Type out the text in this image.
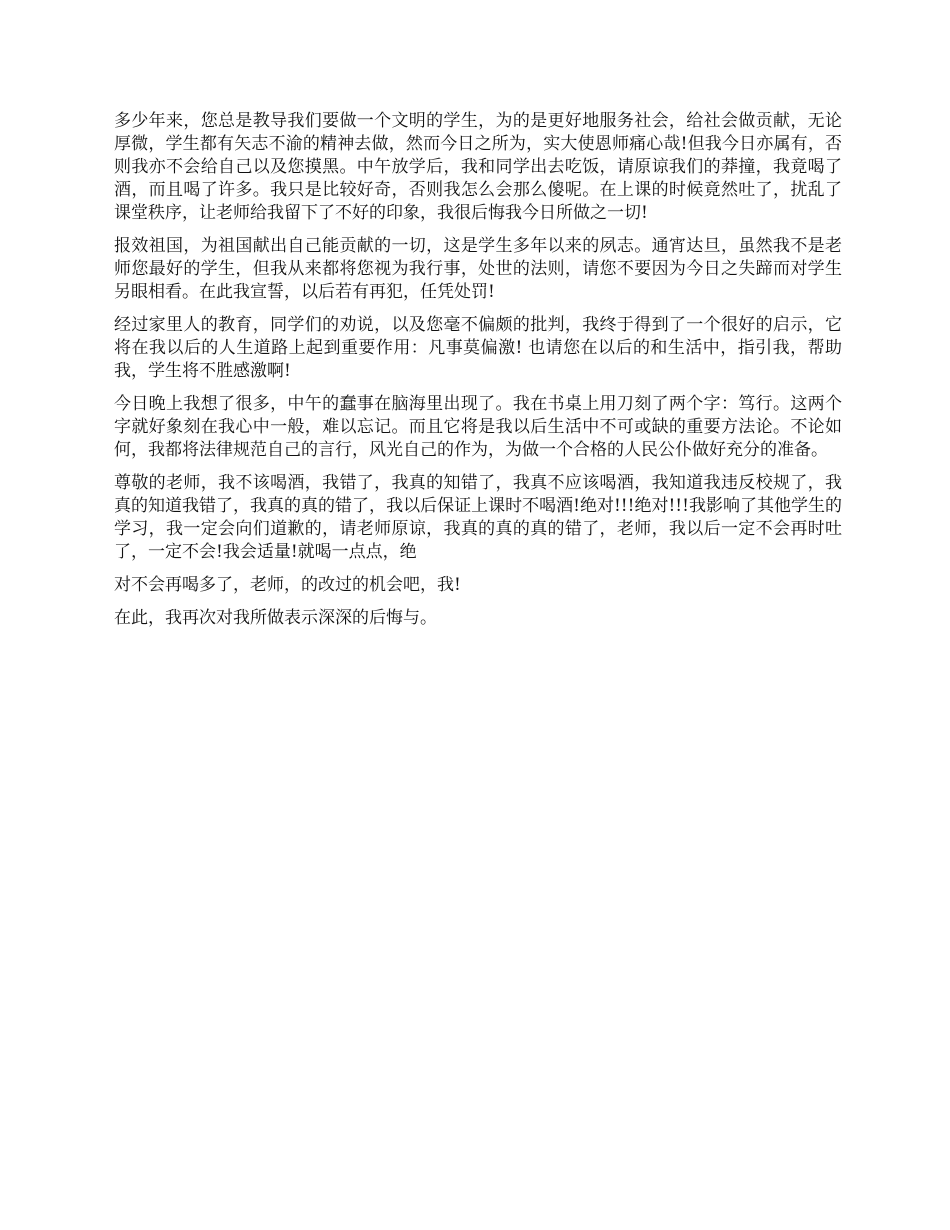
多少年来，您总是教导我们要做一个文明的学生，为的是更好地服务社会，给社会做贡献，无论厚微，学生都有矢志不渝的精神去做，然而今日之所为，实大使恩师痛心哉!但我今日亦属有，否则我亦不会给自己以及您摸黑。中午放学后，我和同学出去吃饭，请原谅我们的莽撞，我竟喝了酒，而且喝了许多。我只是比较好奇，否则我怎么会那么傻呢。在上课的时候竟然吐了，扰乱了课堂秩序，让老师给我留下了不好的印象，我很后悔我今日所做之一切!

报效祖国，为祖国献出自己能贡献的一切，这是学生多年以来的夙志。通宵达旦，虽然我不是老师您最好的学生，但我从来都将您视为我行事，处世的法则，请您不要因为今日之失蹄而对学生另眼相看。在此我宣誓，以后若有再犯，任凭处罚!

经过家里人的教育，同学们的劝说，以及您毫不偏颇的批判，我终于得到了一个很好的启示，它将在我以后的人生道路上起到重要作用：凡事莫偏激! 也请您在以后的和生活中，指引我，帮助我，学生将不胜感激啊!

今日晚上我想了很多，中午的蠢事在脑海里出现了。我在书桌上用刀刻了两个字：笃行。这两个字就好象刻在我心中一般，难以忘记。而且它将是我以后生活中不可或缺的重要方法论。不论如何，我都将法律规范自己的言行，风光自己的作为，为做一个合格的人民公仆做好充分的准备。

尊敬的老师，我不该喝酒，我错了，我真的知错了，我真不应该喝酒，我知道我违反校规了，我真的知道我错了，我真的真的错了，我以后保证上课时不喝酒!绝对!!!绝对!!!我影响了其他学生的学习，我一定会向们道歉的，请老师原谅，我真的真的真的错了，老师，我以后一定不会再时吐了，一定不会!我会适量!就喝一点点，绝

对不会再喝多了，老师，的改过的机会吧，我!

在此，我再次对我所做表示深深的后悔与。
